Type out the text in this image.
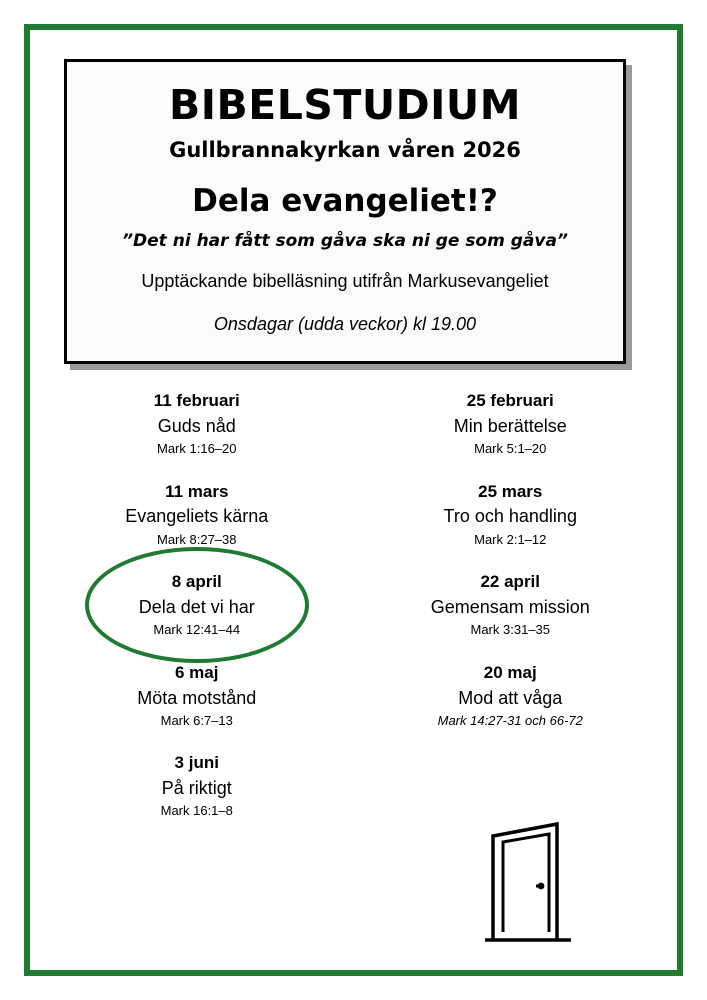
BIBELSTUDIUM
Gullbrannakyrkan våren 2026
Dela evangeliet!?
”Det ni har fått som gåva ska ni ge som gåva”
Upptäckande bibelläsning utifrån Markusevangeliet
Onsdagar (udda veckor) kl 19.00
11 februari
Guds nåd
Mark 1:16–20
25 februari
Min berättelse
Mark 5:1–20
11 mars
Evangeliets kärna
Mark 8:27–38
25 mars
Tro och handling
Mark 2:1–12
8 april
Dela det vi har
Mark 12:41–44
22 april
Gemensam mission
Mark 3:31–35
6 maj
Möta motstånd
Mark 6:7–13
20 maj
Mod att våga
Mark 14:27-31 och 66-72
3 juni
På riktigt
Mark 16:1–8
